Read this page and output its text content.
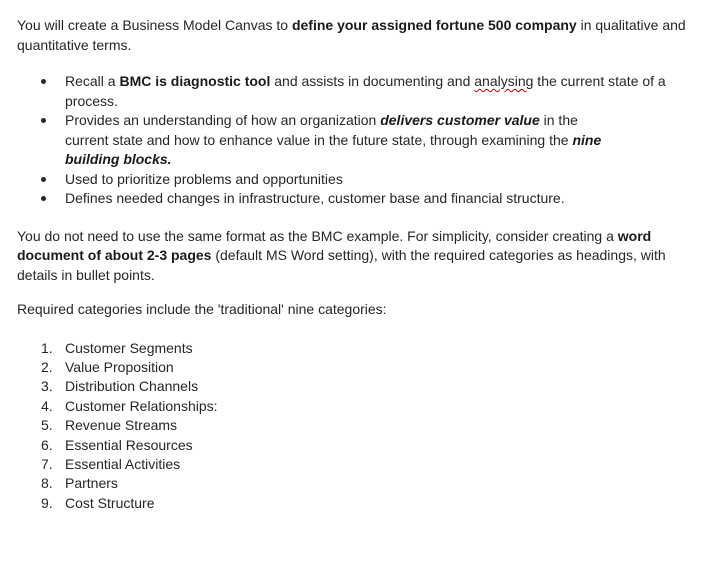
You will create a Business Model Canvas to define your assigned fortune 500 company in qualitative and quantitative terms.

Recall a BMC is diagnostic tool and assists in documenting and analysing the current state of a process.
Provides an understanding of how an organization delivers customer value in the current state and how to enhance value in the future state, through examining the nine building blocks.
Used to prioritize problems and opportunities
Defines needed changes in infrastructure, customer base and financial structure.

You do not need to use the same format as the BMC example. For simplicity, consider creating a word document of about 2-3 pages (default MS Word setting), with the required categories as headings, with details in bullet points.

Required categories include the 'traditional' nine categories:

1. Customer Segments
2. Value Proposition
3. Distribution Channels
4. Customer Relationships:
5. Revenue Streams
6. Essential Resources
7. Essential Activities
8. Partners
9. Cost Structure
